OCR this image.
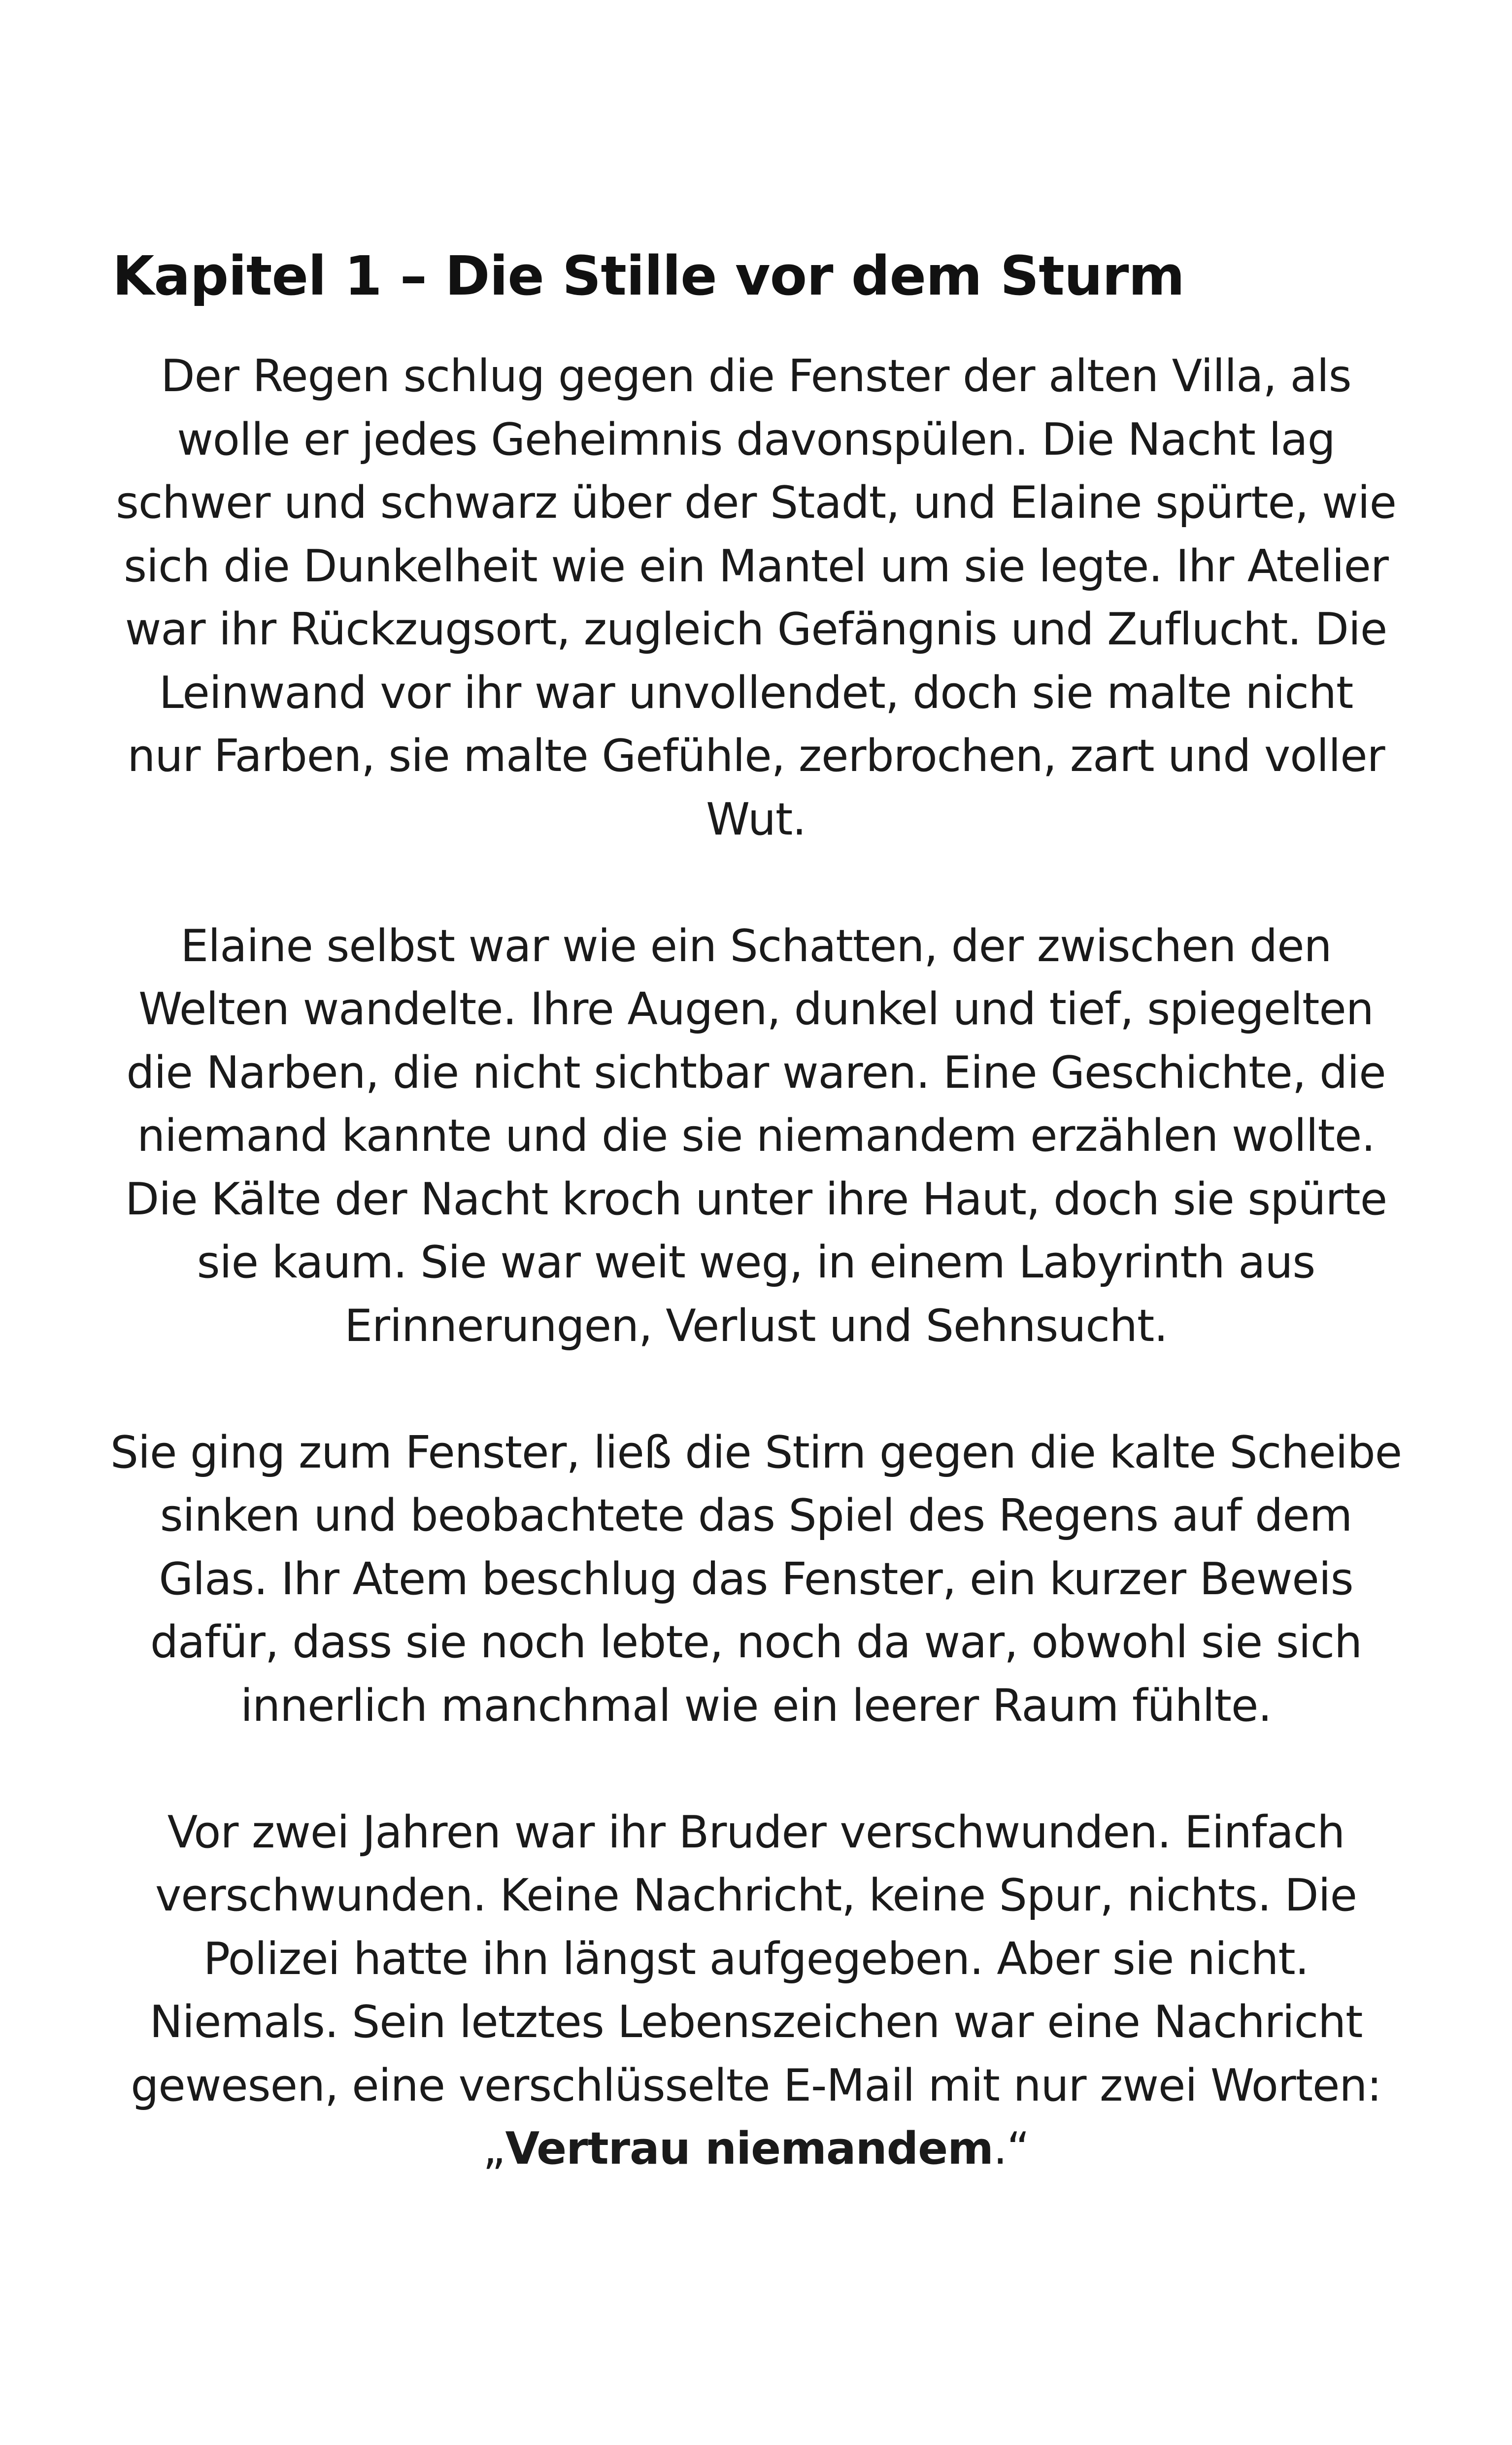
Kapitel 1 – Die Stille vor dem Sturm

Der Regen schlug gegen die Fenster der alten Villa, als
wolle er jedes Geheimnis davonspülen. Die Nacht lag
schwer und schwarz über der Stadt, und Elaine spürte, wie
sich die Dunkelheit wie ein Mantel um sie legte. Ihr Atelier
war ihr Rückzugsort, zugleich Gefängnis und Zuflucht. Die
Leinwand vor ihr war unvollendet, doch sie malte nicht
nur Farben, sie malte Gefühle, zerbrochen, zart und voller
Wut.

Elaine selbst war wie ein Schatten, der zwischen den
Welten wandelte. Ihre Augen, dunkel und tief, spiegelten
die Narben, die nicht sichtbar waren. Eine Geschichte, die
niemand kannte und die sie niemandem erzählen wollte.
Die Kälte der Nacht kroch unter ihre Haut, doch sie spürte
sie kaum. Sie war weit weg, in einem Labyrinth aus
Erinnerungen, Verlust und Sehnsucht.

Sie ging zum Fenster, ließ die Stirn gegen die kalte Scheibe
sinken und beobachtete das Spiel des Regens auf dem
Glas. Ihr Atem beschlug das Fenster, ein kurzer Beweis
dafür, dass sie noch lebte, noch da war, obwohl sie sich
innerlich manchmal wie ein leerer Raum fühlte.

Vor zwei Jahren war ihr Bruder verschwunden. Einfach
verschwunden. Keine Nachricht, keine Spur, nichts. Die
Polizei hatte ihn längst aufgegeben. Aber sie nicht.
Niemals. Sein letztes Lebenszeichen war eine Nachricht
gewesen, eine verschlüsselte E-Mail mit nur zwei Worten:
„Vertrau niemandem.“
